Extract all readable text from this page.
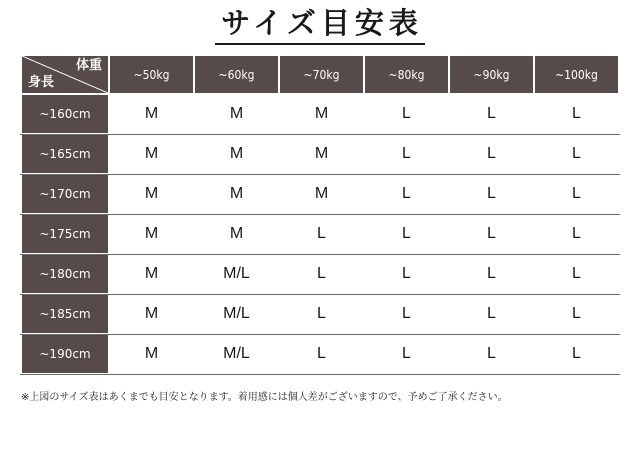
サイズ目安表
体重
身長	~50kg	~60kg	~70kg	~80kg	~90kg	~100kg
~160cm	M	M	M	L	L	L
~165cm	M	M	M	L	L	L
~170cm	M	M	M	L	L	L
~175cm	M	M	L	L	L	L
~180cm	M	M/L	L	L	L	L
~185cm	M	M/L	L	L	L	L
~190cm	M	M/L	L	L	L	L
※上図のサイズ表はあくまでも目安となります。着用感には個人差がございますので、予めご了承ください。
